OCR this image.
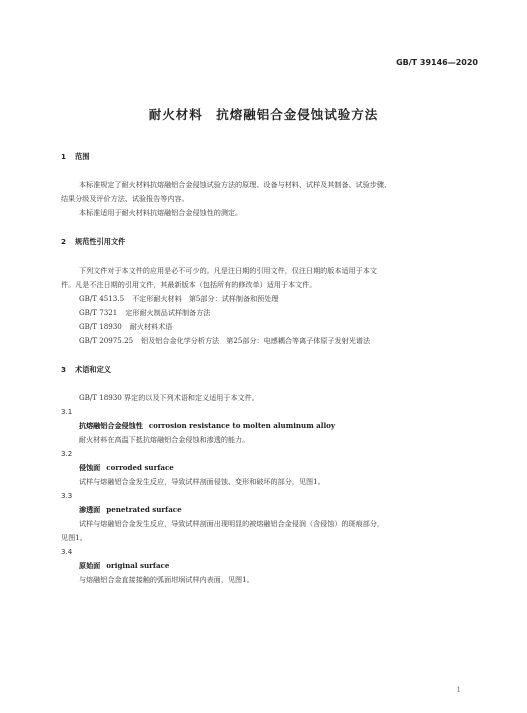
GB/T 39146—2020
耐火材料　抗熔融铝合金侵蚀试验方法
1 范围
本标准规定了耐火材料抗熔融铝合金侵蚀试验方法的原理、设备与材料、试样及其制备、试验步骤、
结果分级及评价方法、试验报告等内容。
本标准适用于耐火材料抗熔融铝合金侵蚀性的测定。
2 规范性引用文件
下列文件对于本文件的应用是必不可少的。凡是注日期的引用文件，仅注日期的版本适用于本文
件。凡是不注日期的引用文件，其最新版本（包括所有的修改单）适用于本文件。
GB/T 4513.5 不定形耐火材料　第5部分：试样制备和预处理
GB/T 7321 定形耐火制品试样制备方法
GB/T 18930 耐火材料术语
GB/T 20975.25 铝及铝合金化学分析方法　第25部分：电感耦合等离子体原子发射光谱法
3 术语和定义
GB/T 18930 界定的以及下列术语和定义适用于本文件。
3.1
抗熔融铝合金侵蚀性 corrosion resistance to molten aluminum alloy
耐火材料在高温下抵抗熔融铝合金侵蚀和渗透的能力。
3.2
侵蚀面 corroded surface
试样与熔融铝合金发生反应，导致试样剖面侵蚀、变形和破坏的部分，见图1。
3.3
渗透面 penetrated surface
试样与熔融铝合金发生反应，导致试样剖面出现明显的被熔融铝合金侵润（含侵蚀）的斑痕部分，
见图1。
3.4
原始面 original surface
与熔融铝合金直接接触的弧面坩埚试样内表面，见图1。
1
